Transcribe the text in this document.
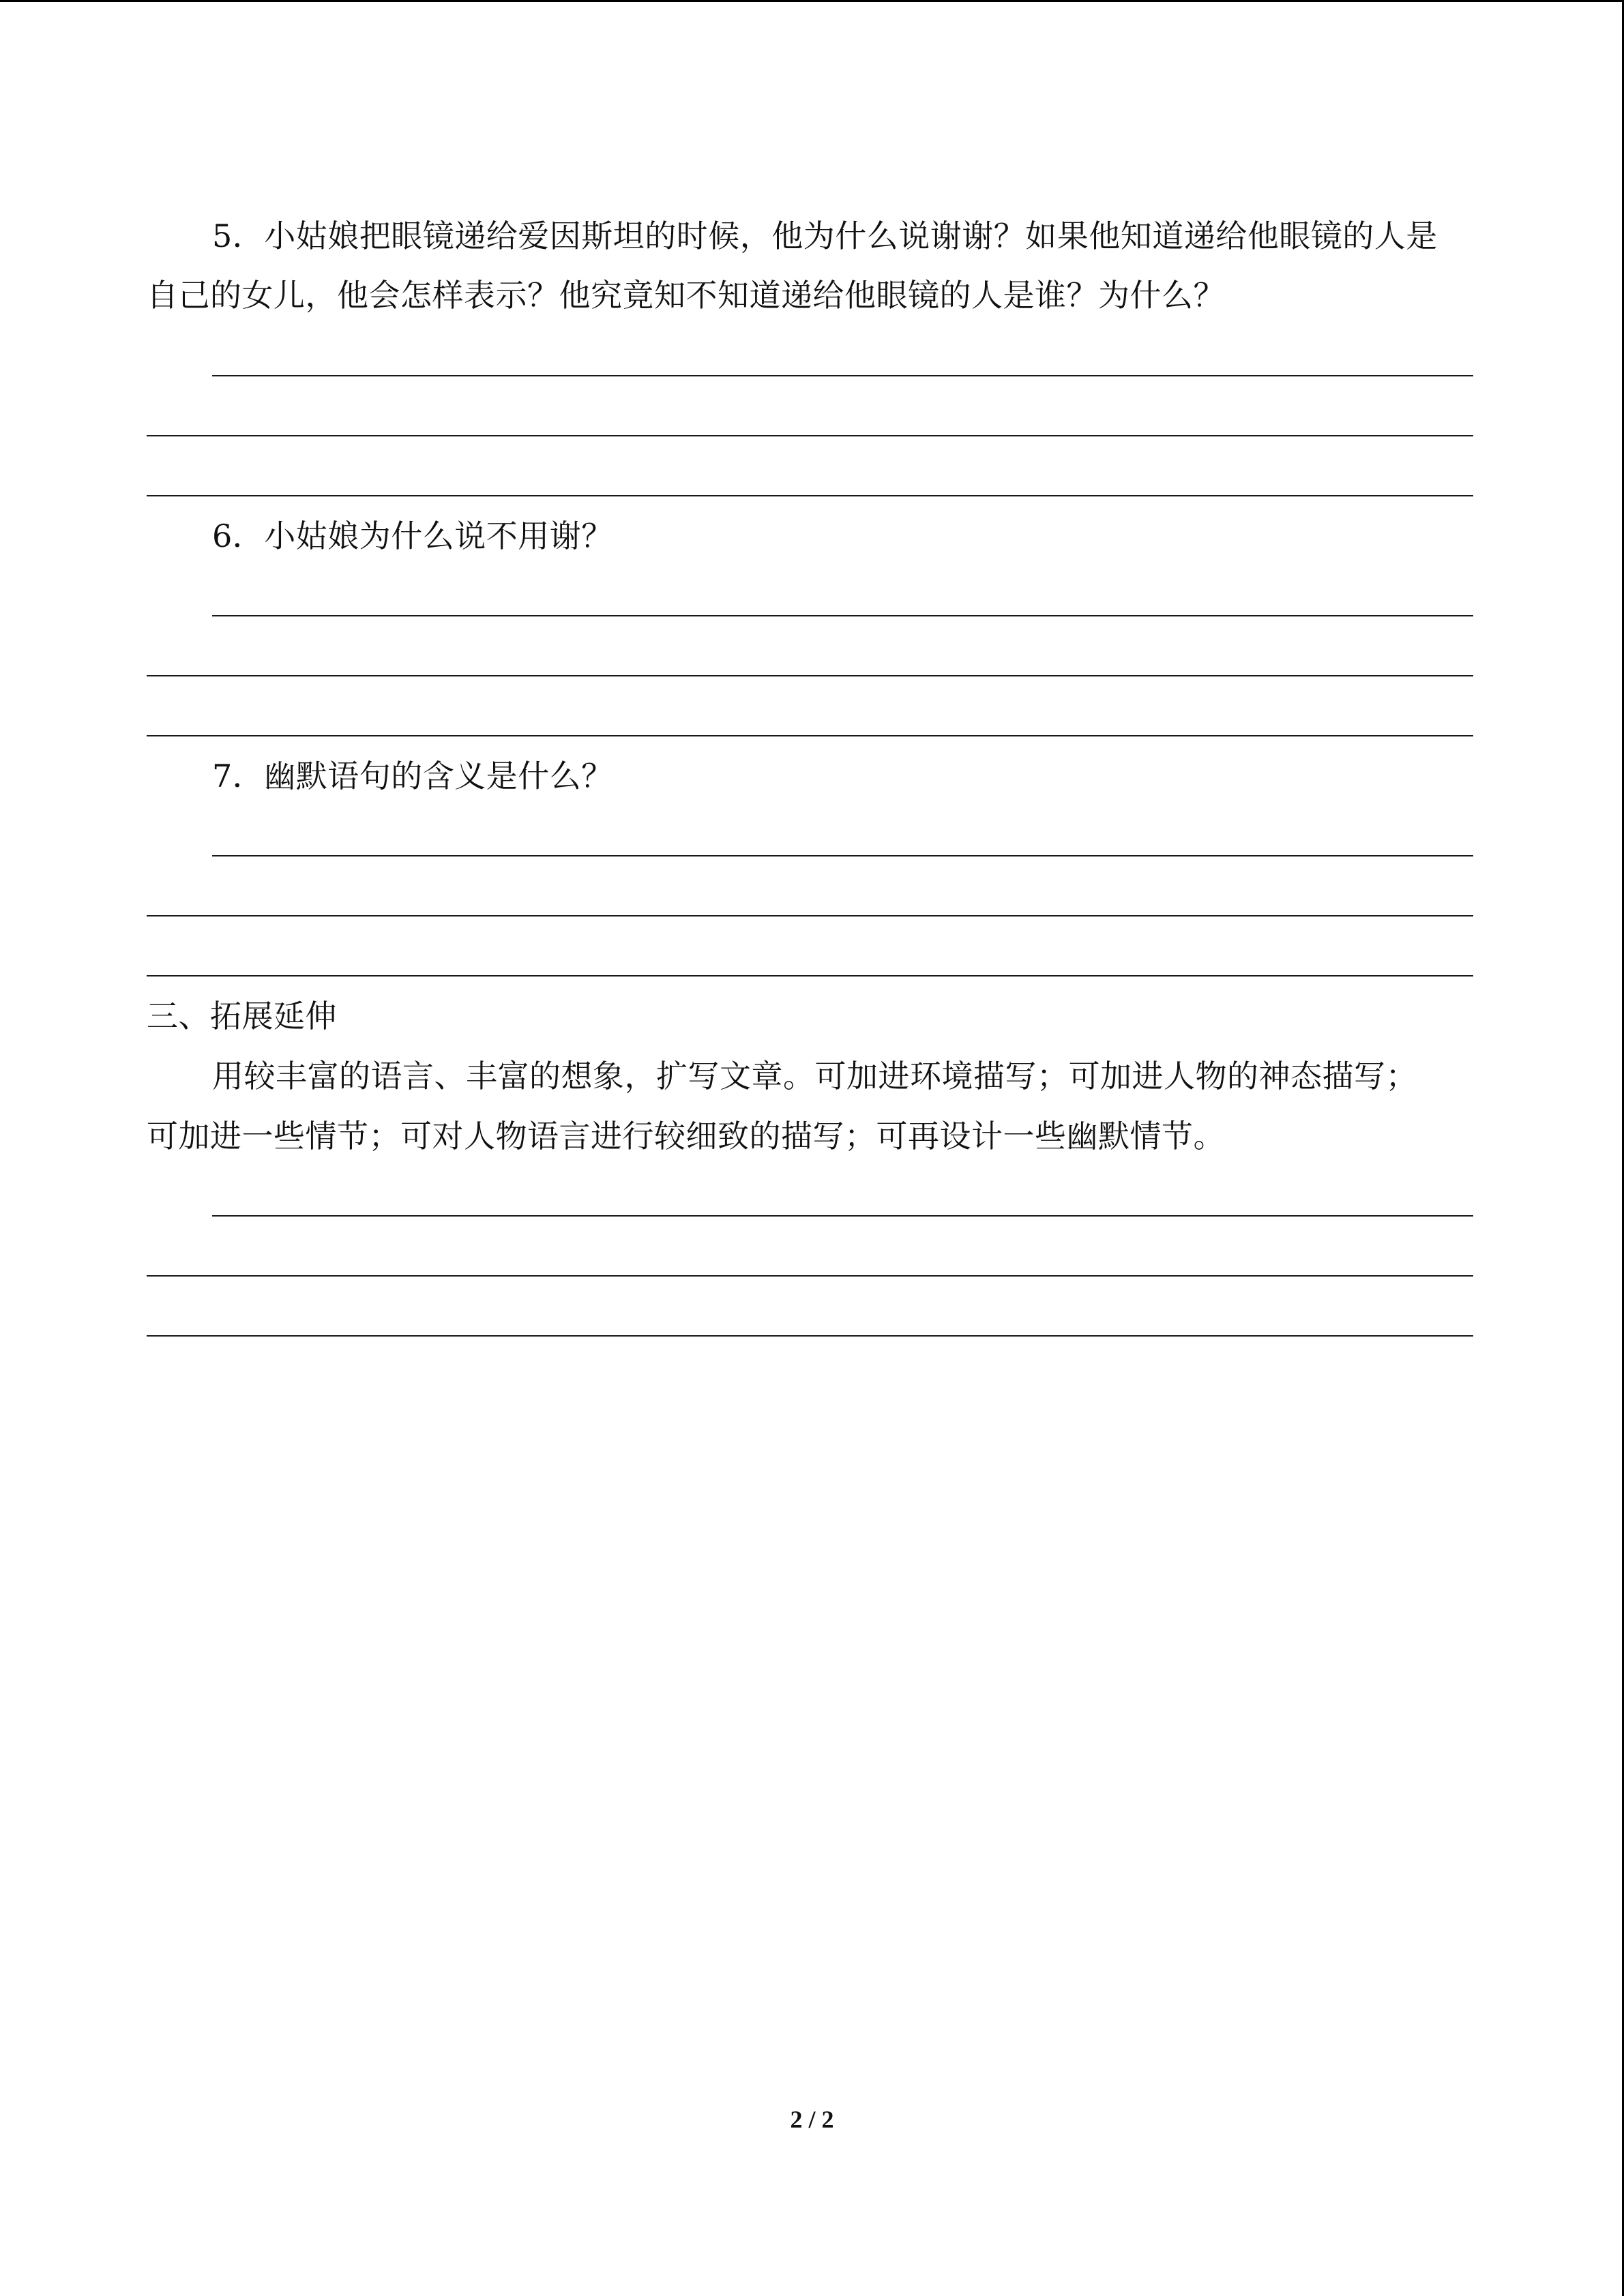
5．小姑娘把眼镜递给爱因斯坦的时候，他为什么说谢谢？如果他知道递给他眼镜的人是
自己的女儿，他会怎样表示？他究竟知不知道递给他眼镜的人是谁？为什么？
6．小姑娘为什么说不用谢？
7．幽默语句的含义是什么？
三、拓展延伸
用较丰富的语言、丰富的想象，扩写文章。可加进环境描写；可加进人物的神态描写；
可加进一些情节；可对人物语言进行较细致的描写；可再设计一些幽默情节。
2 / 2
